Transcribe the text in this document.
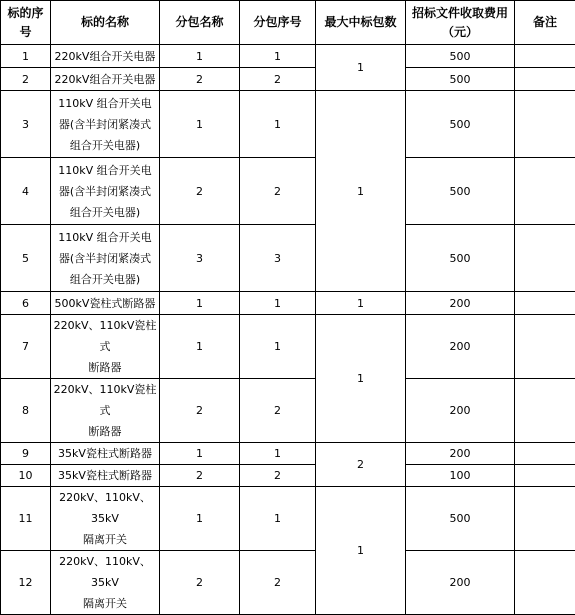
标的序号	标的名称	分包名称	分包序号	最大中标包数	招标文件收取费用（元）	备注
1	220kV组合开关电器	1	1	1	500	
2	220kV组合开关电器	2	2		500	
3	110kV 组合开关电
器(含半封闭紧凑式
组合开关电器)	1	1	1	500	
4	110kV 组合开关电
器(含半封闭紧凑式
组合开关电器)	2	2		500	
5	110kV 组合开关电
器(含半封闭紧凑式
组合开关电器)	3	3		500	
6	500kV瓷柱式断路器	1	1	1	200	
7	220kV、110kV瓷柱式
断路器	1	1	1	200	
8	220kV、110kV瓷柱式
断路器	2	2		200	
9	35kV瓷柱式断路器	1	1	2	200	
10	35kV瓷柱式断路器	2	2		100	
11	220kV、110kV、35kV
隔离开关	1	1	1	500	
12	220kV、110kV、35kV
隔离开关	2	2		200	
